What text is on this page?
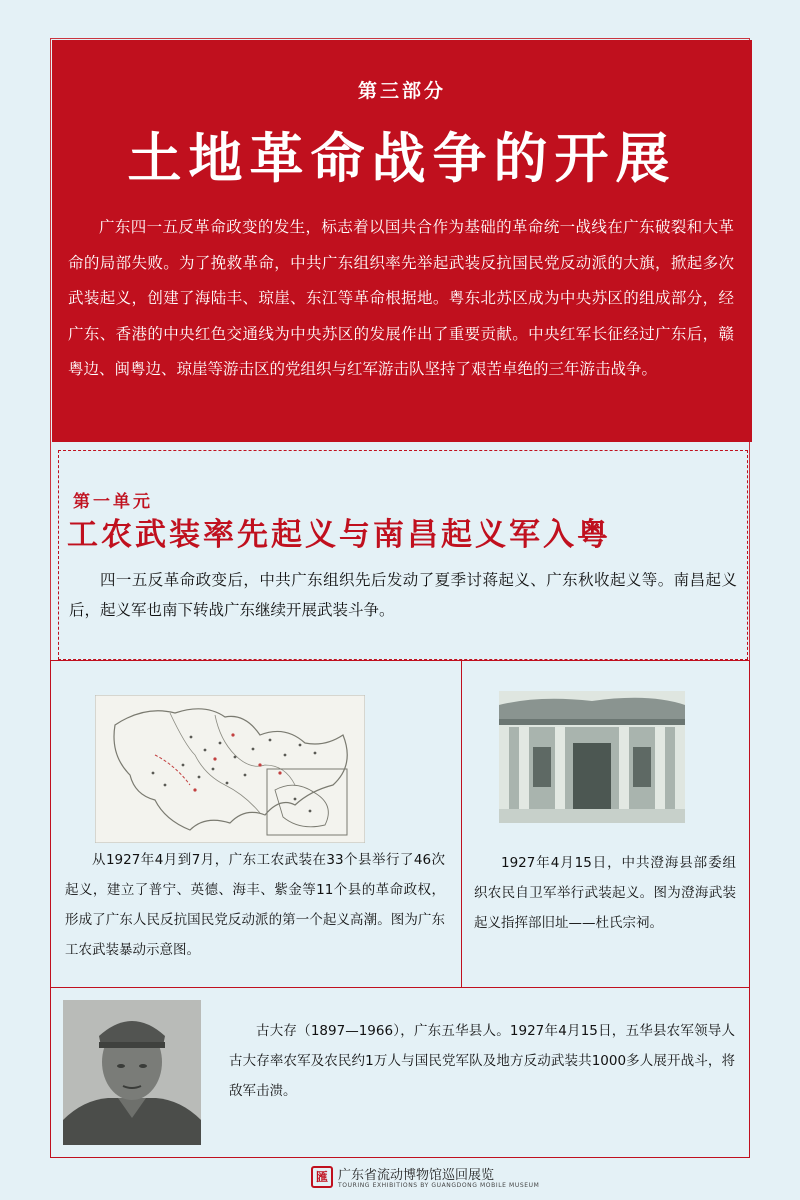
第三部分
土地革命战争的开展

广东四一五反革命政变的发生，标志着以国共合作为基础的革命统一战线在广东破裂和大革命的局部失败。为了挽救革命，中共广东组织率先举起武装反抗国民党反动派的大旗，掀起多次武装起义，创建了海陆丰、琼崖、东江等革命根据地。粤东北苏区成为中央苏区的组成部分，经广东、香港的中央红色交通线为中央苏区的发展作出了重要贡献。中央红军长征经过广东后，赣粤边、闽粤边、琼崖等游击区的党组织与红军游击队坚持了艰苦卓绝的三年游击战争。

第一单元
工农武装率先起义与南昌起义军入粤

四一五反革命政变后，中共广东组织先后发动了夏季讨蒋起义、广东秋收起义等。南昌起义后，起义军也南下转战广东继续开展武装斗争。

从1927年4月到7月，广东工农武装在33个县举行了46次起义，建立了普宁、英德、海丰、紫金等11个县的革命政权，形成了广东人民反抗国民党反动派的第一个起义高潮。图为广东工农武装暴动示意图。

1927年4月15日，中共澄海县部委组织农民自卫军举行武装起义。图为澄海武装起义指挥部旧址——杜氏宗祠。

古大存（1897—1966），广东五华县人。1927年4月15日，五华县农军领导人古大存率农军及农民约1万人与国民党军队及地方反动武装共1000多人展开战斗，将敌军击溃。

匯 广东省流动博物馆巡回展览
TOURING EXHIBITIONS BY GUANGDONG MOBILE MUSEUM
